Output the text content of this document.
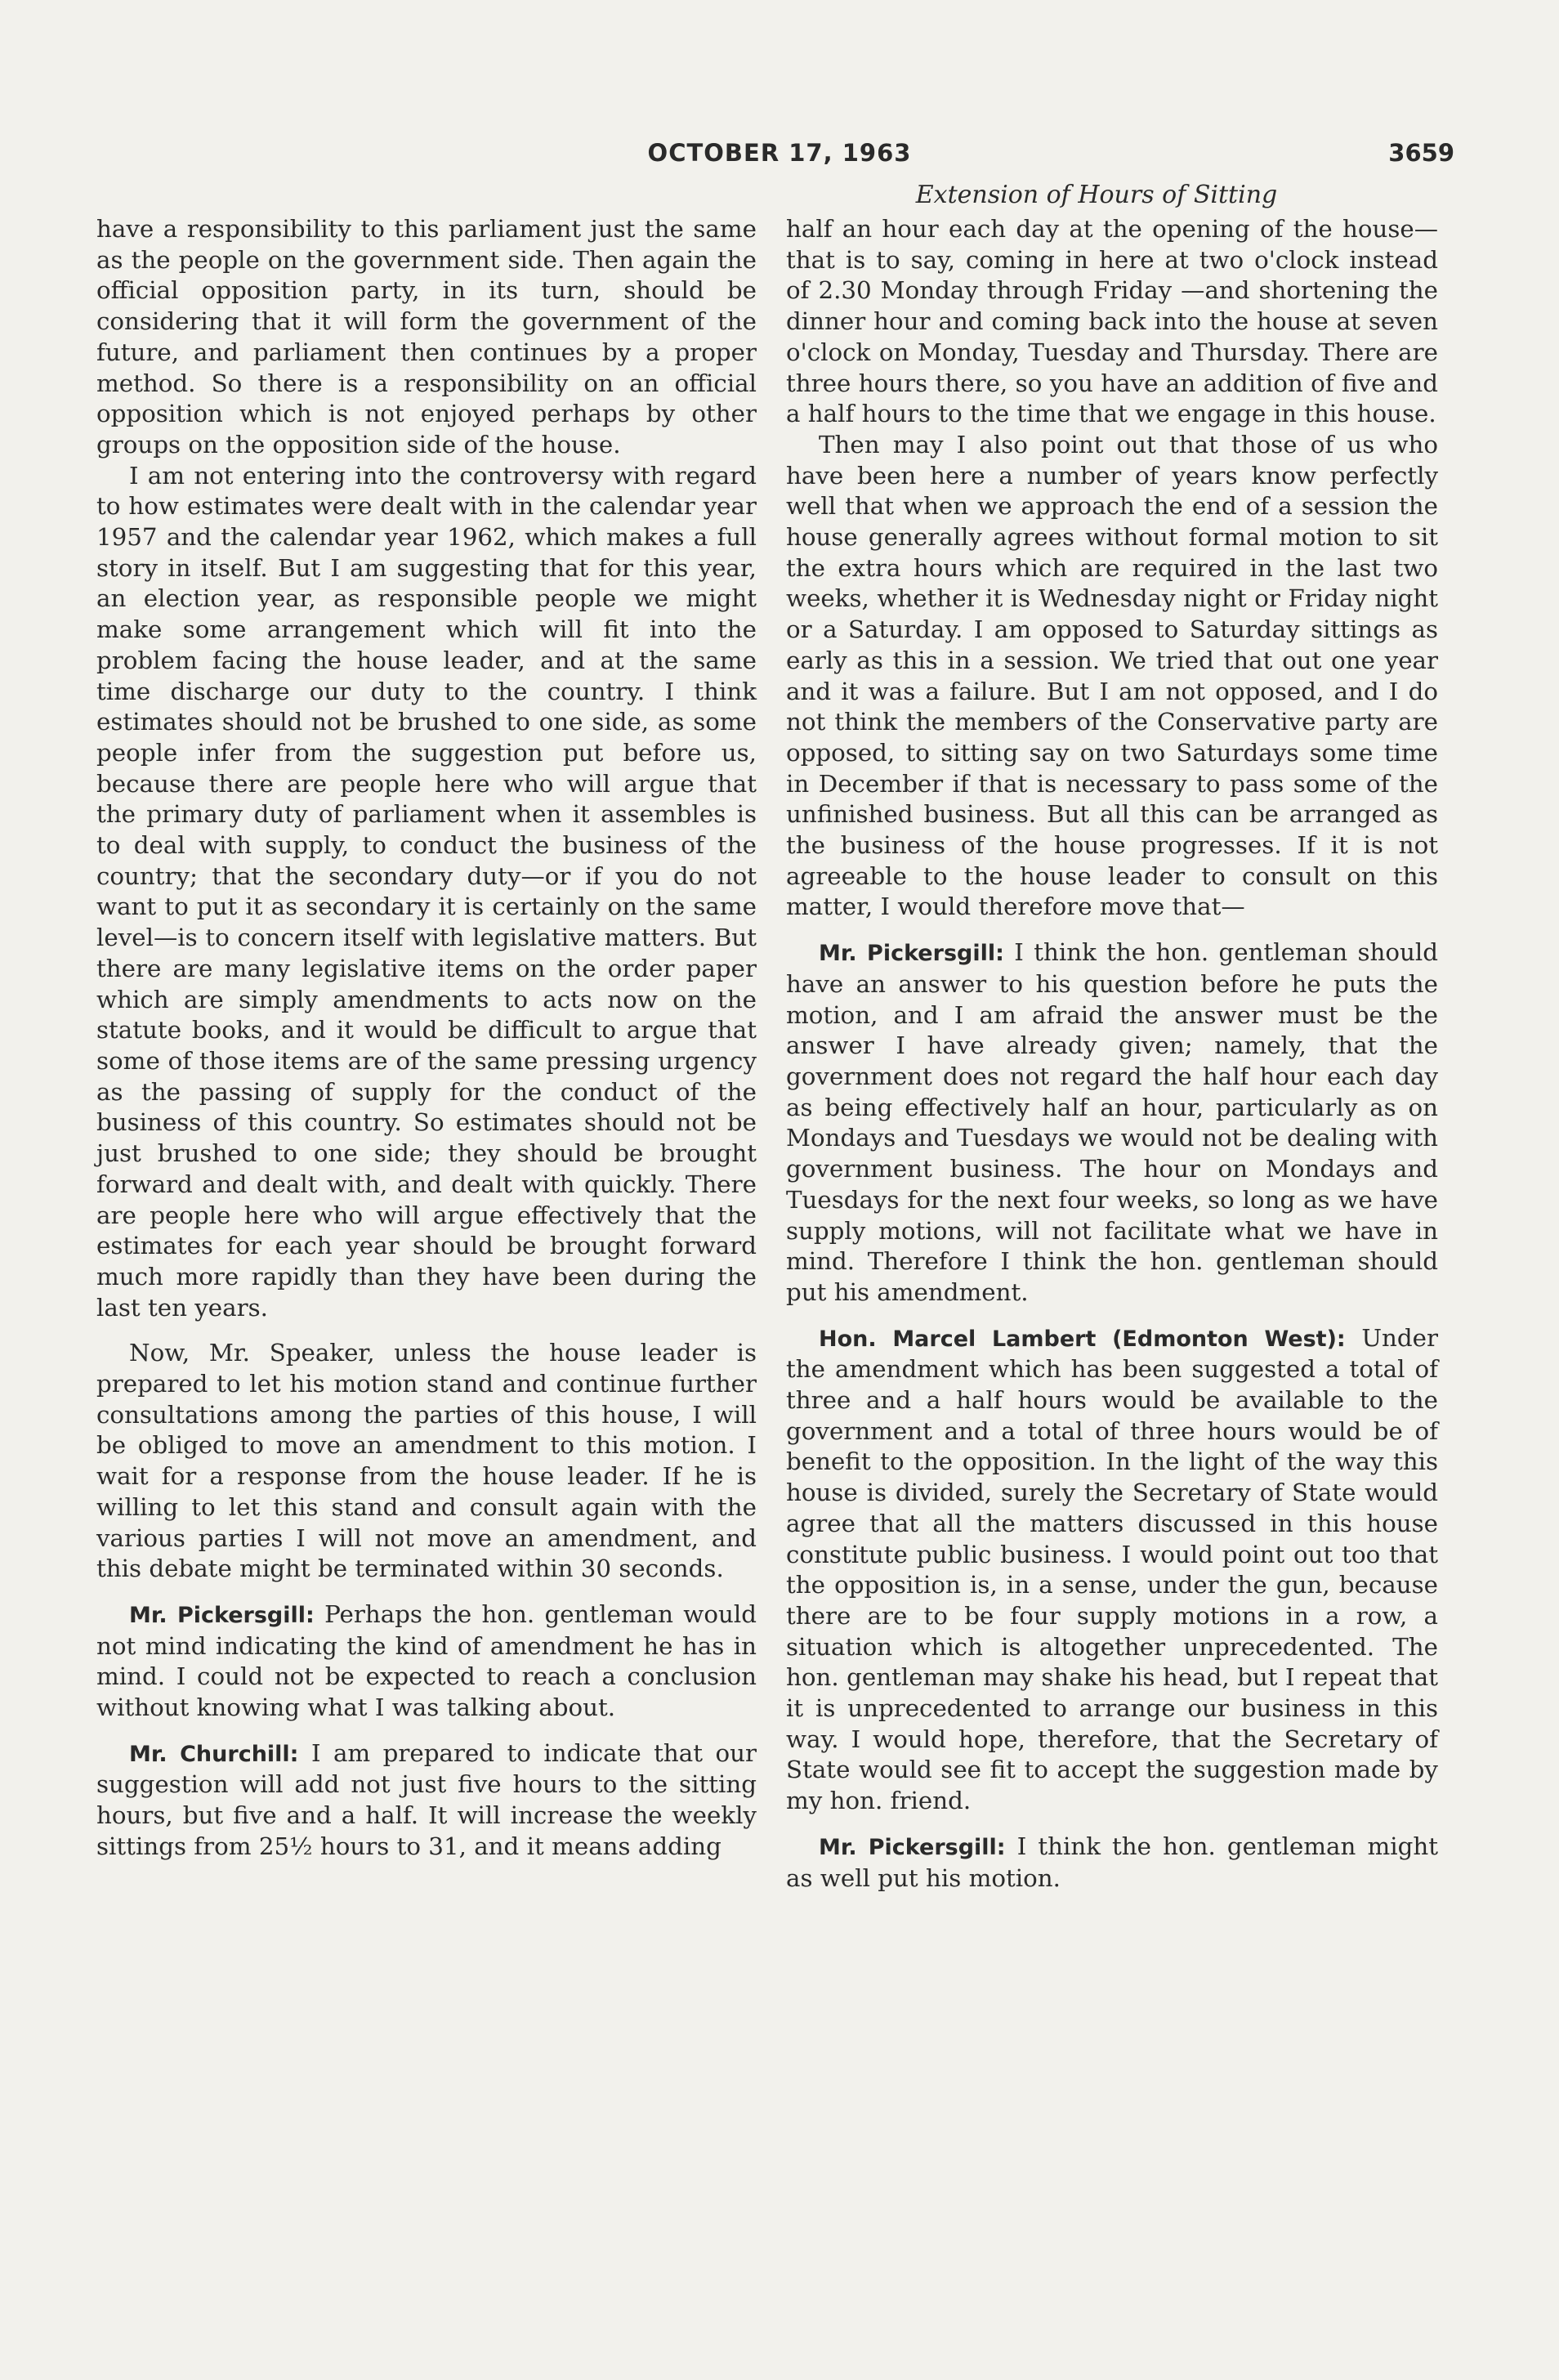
OCTOBER 17, 1963	3659
Extension of Hours of Sitting

have a responsibility to this parliament just the same as the people on the government side. Then again the official opposition party, in its turn, should be considering that it will form the government of the future, and parliament then continues by a proper method. So there is a responsibility on an official opposition which is not enjoyed perhaps by other groups on the opposition side of the house.

I am not entering into the controversy with regard to how estimates were dealt with in the calendar year 1957 and the calendar year 1962, which makes a full story in itself. But I am suggesting that for this year, an election year, as responsible people we might make some arrangement which will fit into the problem facing the house leader, and at the same time discharge our duty to the country. I think estimates should not be brushed to one side, as some people infer from the suggestion put before us, because there are people here who will argue that the primary duty of parliament when it assembles is to deal with supply, to conduct the business of the country; that the secondary duty—or if you do not want to put it as secondary it is certainly on the same level—is to concern itself with legislative matters. But there are many legislative items on the order paper which are simply amendments to acts now on the statute books, and it would be difficult to argue that some of those items are of the same pressing urgency as the passing of supply for the conduct of the business of this country. So estimates should not be just brushed to one side; they should be brought forward and dealt with, and dealt with quickly. There are people here who will argue effectively that the estimates for each year should be brought forward much more rapidly than they have been during the last ten years.

Now, Mr. Speaker, unless the house leader is prepared to let his motion stand and continue further consultations among the parties of this house, I will be obliged to move an amendment to this motion. I wait for a response from the house leader. If he is willing to let this stand and consult again with the various parties I will not move an amendment, and this debate might be terminated within 30 seconds.

Mr. Pickersgill: Perhaps the hon. gentleman would not mind indicating the kind of amendment he has in mind. I could not be expected to reach a conclusion without knowing what I was talking about.

Mr. Churchill: I am prepared to indicate that our suggestion will add not just five hours to the sitting hours, but five and a half. It will increase the weekly sittings from 25½ hours to 31, and it means adding

half an hour each day at the opening of the house—that is to say, coming in here at two o'clock instead of 2.30 Monday through Friday —and shortening the dinner hour and coming back into the house at seven o'clock on Monday, Tuesday and Thursday. There are three hours there, so you have an addition of five and a half hours to the time that we engage in this house.

Then may I also point out that those of us who have been here a number of years know perfectly well that when we approach the end of a session the house generally agrees without formal motion to sit the extra hours which are required in the last two weeks, whether it is Wednesday night or Friday night or a Saturday. I am opposed to Saturday sittings as early as this in a session. We tried that out one year and it was a failure. But I am not opposed, and I do not think the members of the Conservative party are opposed, to sitting say on two Saturdays some time in December if that is necessary to pass some of the unfinished business. But all this can be arranged as the business of the house progresses. If it is not agreeable to the house leader to consult on this matter, I would therefore move that—

Mr. Pickersgill: I think the hon. gentleman should have an answer to his question before he puts the motion, and I am afraid the answer must be the answer I have already given; namely, that the government does not regard the half hour each day as being effectively half an hour, particularly as on Mondays and Tuesdays we would not be dealing with government business. The hour on Mondays and Tuesdays for the next four weeks, so long as we have supply motions, will not facilitate what we have in mind. Therefore I think the hon. gentleman should put his amendment.

Hon. Marcel Lambert (Edmonton West): Under the amendment which has been suggested a total of three and a half hours would be available to the government and a total of three hours would be of benefit to the opposition. In the light of the way this house is divided, surely the Secretary of State would agree that all the matters discussed in this house constitute public business. I would point out too that the opposition is, in a sense, under the gun, because there are to be four supply motions in a row, a situation which is altogether unprecedented. The hon. gentleman may shake his head, but I repeat that it is unprecedented to arrange our business in this way. I would hope, therefore, that the Secretary of State would see fit to accept the suggestion made by my hon. friend.

Mr. Pickersgill: I think the hon. gentleman might as well put his motion.
